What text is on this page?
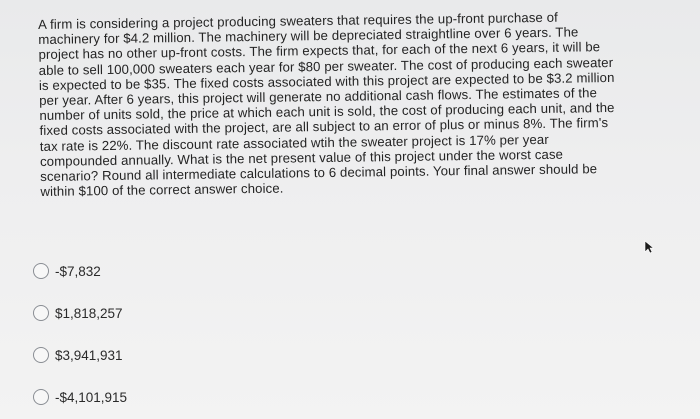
A firm is considering a project producing sweaters that requires the up-front purchase of machinery for $4.2 million. The machinery will be depreciated straightline over 6 years. The project has no other up-front costs. The firm expects that, for each of the next 6 years, it will be able to sell 100,000 sweaters each year for $80 per sweater. The cost of producing each sweater is expected to be $35. The fixed costs associated with this project are expected to be $3.2 million per year. After 6 years, this project will generate no additional cash flows. The estimates of the number of units sold, the price at which each unit is sold, the cost of producing each unit, and the fixed costs associated with the project, are all subject to an error of plus or minus 8%. The firm's tax rate is 22%. The discount rate associated wtih the sweater project is 17% per year compounded annually. What is the net present value of this project under the worst case scenario? Round all intermediate calculations to 6 decimal points. Your final answer should be within $100 of the correct answer choice.

-$7,832
$1,818,257
$3,941,931
-$4,101,915
